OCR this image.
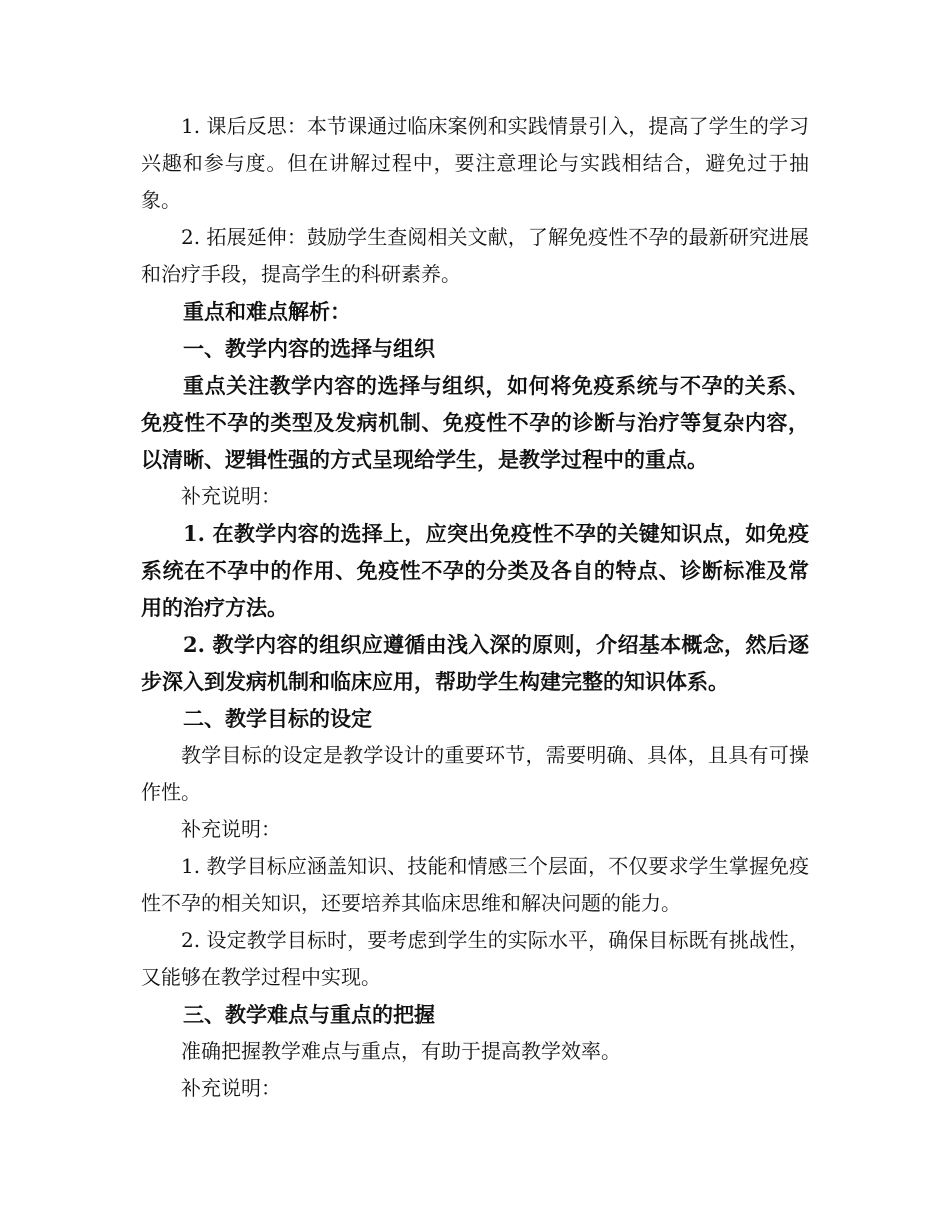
1. 课后反思：本节课通过临床案例和实践情景引入，提高了学生的学习兴趣和参与度。但在讲解过程中，要注意理论与实践相结合，避免过于抽象。

2. 拓展延伸：鼓励学生查阅相关文献，了解免疫性不孕的最新研究进展和治疗手段，提高学生的科研素养。

重点和难点解析：

一、教学内容的选择与组织

重点关注教学内容的选择与组织，如何将免疫系统与不孕的关系、免疫性不孕的类型及发病机制、免疫性不孕的诊断与治疗等复杂内容，以清晰、逻辑性强的方式呈现给学生，是教学过程中的重点。

补充说明：

1. 在教学内容的选择上，应突出免疫性不孕的关键知识点，如免疫系统在不孕中的作用、免疫性不孕的分类及各自的特点、诊断标准及常用的治疗方法。

2. 教学内容的组织应遵循由浅入深的原则，介绍基本概念，然后逐步深入到发病机制和临床应用，帮助学生构建完整的知识体系。

二、教学目标的设定

教学目标的设定是教学设计的重要环节，需要明确、具体，且具有可操作性。

补充说明：

1. 教学目标应涵盖知识、技能和情感三个层面，不仅要求学生掌握免疫性不孕的相关知识，还要培养其临床思维和解决问题的能力。

2. 设定教学目标时，要考虑到学生的实际水平，确保目标既有挑战性，又能够在教学过程中实现。

三、教学难点与重点的把握

准确把握教学难点与重点，有助于提高教学效率。

补充说明：
